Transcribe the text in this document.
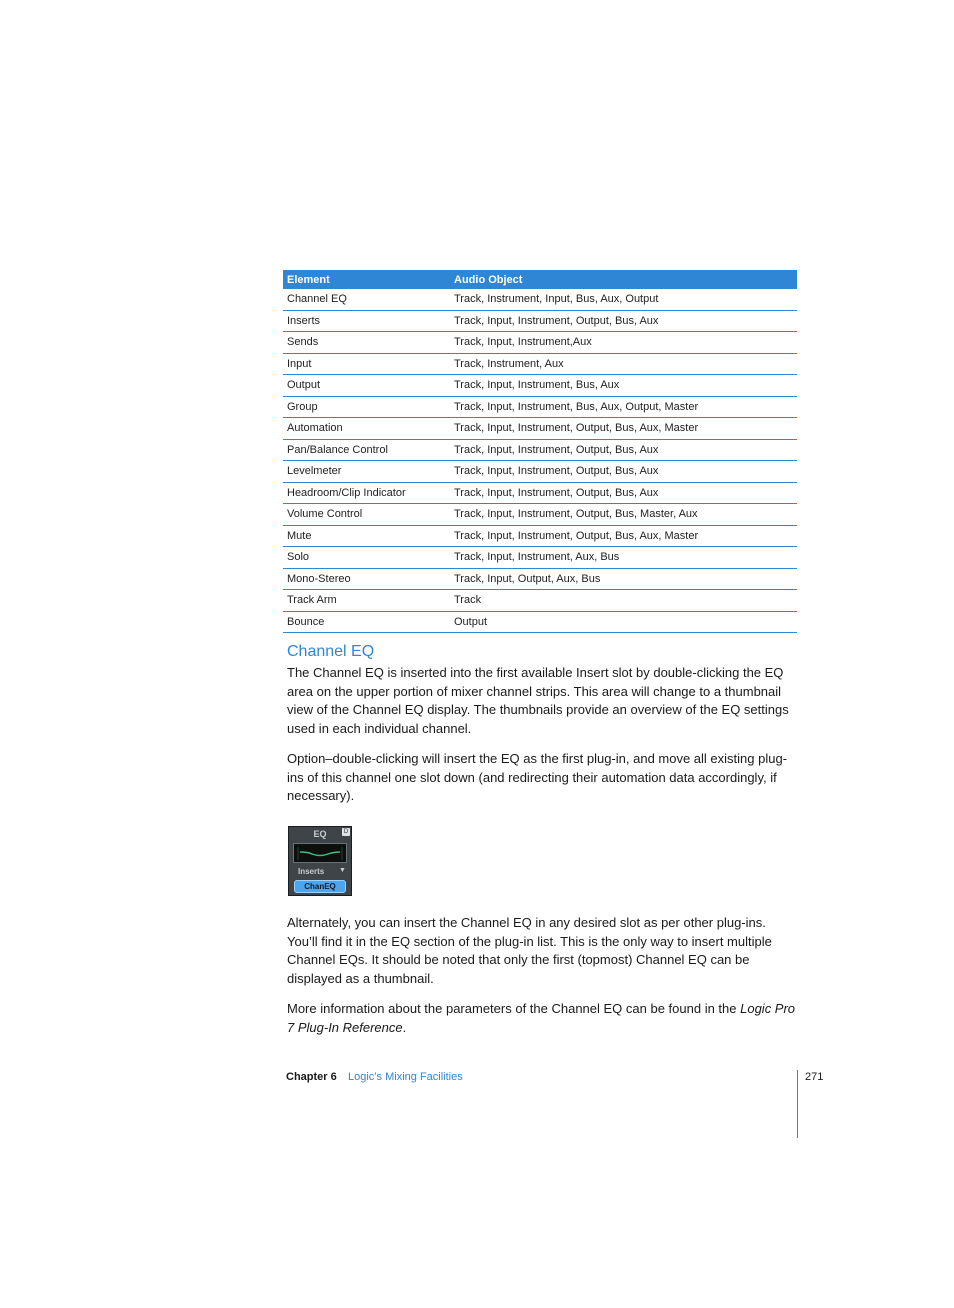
Element	Audio Object
Channel EQ	Track, Instrument, Input, Bus, Aux, Output
Inserts	Track, Input, Instrument, Output, Bus, Aux
Sends	Track, Input, Instrument,Aux
Input	Track, Instrument, Aux
Output	Track, Input, Instrument, Bus, Aux
Group	Track, Input, Instrument, Bus, Aux, Output, Master
Automation	Track, Input, Instrument, Output, Bus, Aux, Master
Pan/Balance Control	Track, Input, Instrument, Output, Bus, Aux
Levelmeter	Track, Input, Instrument, Output, Bus, Aux
Headroom/Clip Indicator	Track, Input, Instrument, Output, Bus, Aux
Volume Control	Track, Input, Instrument, Output, Bus, Master, Aux
Mute	Track, Input, Instrument, Output, Bus, Aux, Master
Solo	Track, Input, Instrument, Aux, Bus
Mono-Stereo	Track, Input, Output, Aux, Bus
Track Arm	Track
Bounce	Output
Channel EQ

The Channel EQ is inserted into the first available Insert slot by double-clicking the EQ area on the upper portion of mixer channel strips. This area will change to a thumbnail view of the Channel EQ display. The thumbnails provide an overview of the EQ settings used in each individual channel.

Option–double-clicking will insert the EQ as the first plug-in, and move all existing plug-ins of this channel one slot down (and redirecting their automation data accordingly, if necessary).

EQ	D
Inserts ▼
ChanEQ

Alternately, you can insert the Channel EQ in any desired slot as per other plug-ins. You’ll find it in the EQ section of the plug-in list. This is the only way to insert multiple Channel EQs. It should be noted that only the first (topmost) Channel EQ can be displayed as a thumbnail.

More information about the parameters of the Channel EQ can be found in the Logic Pro 7 Plug-In Reference.

Chapter 6 Logic’s Mixing Facilities	271
